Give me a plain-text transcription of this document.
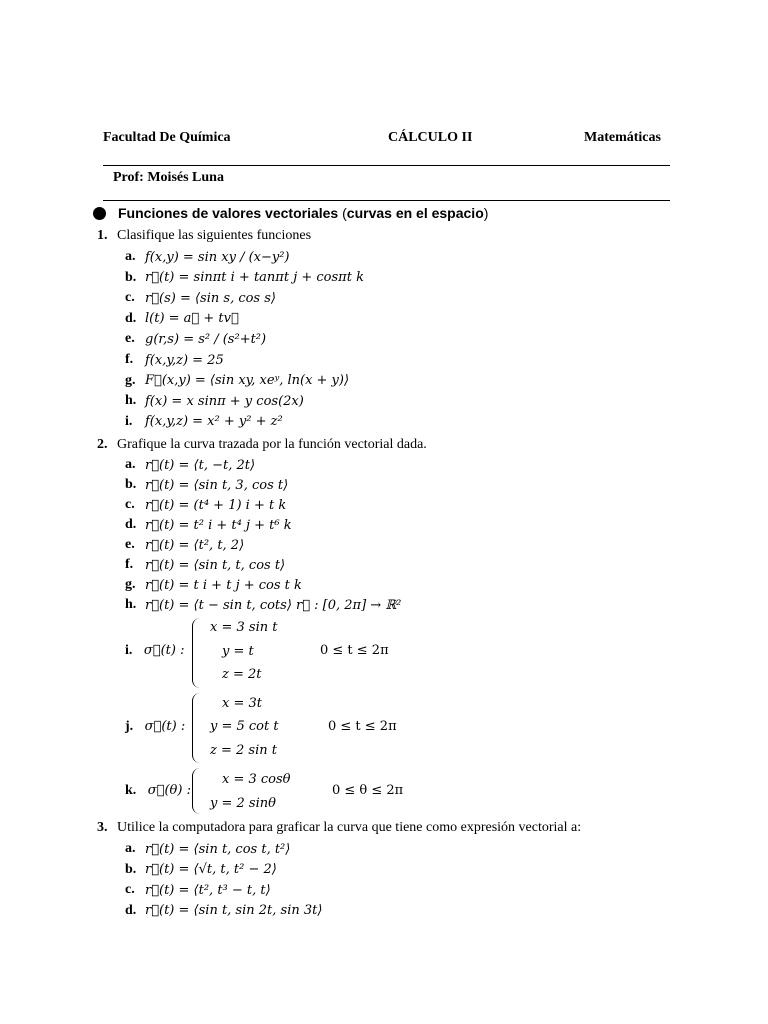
Facultad De Química	CÁLCULO II	Matemáticas
Prof: Moisés Luna
Funciones de valores vectoriales ( curvas en el espacio )
1. Clasifique las siguientes funciones
a. f(x,y) = sin xy / (x−y²)
b. r⃗(t) = sinπt i + tanπt j + cosπt k
c. r⃗(s) = ⟨sin s, cos s⟩
d. l(t) = a⃗ + tv⃗
e. g(r,s) = s² / (s²+t²)
f. f(x,y,z) = 25
g. F⃗(x,y) = ⟨sin xy, xeʸ, ln(x + y)⟩
h. f(x) = x sinπ + y cos(2x)
i. f(x,y,z) = x² + y² + z²
2. Grafique la curva trazada por la función vectorial dada.
a. r⃗(t) = ⟨t, −t, 2t⟩
b. r⃗(t) = ⟨sin t, 3, cos t⟩
c. r⃗(t) = (t⁴ + 1) i + t k
d. r⃗(t) = t² i + t⁴ j + t⁶ k
e. r⃗(t) = ⟨t², t, 2⟩
f. r⃗(t) = ⟨sin t, t, cos t⟩
g. r⃗(t) = t i + t j + cos t k
h. r⃗(t) = ⟨t − sin t, cots⟩ r⃗ : [0, 2π] → ℝ²
i. σ⃗(t) :
x = 3 sin t
y = t
z = 2t
0 ≤ t ≤ 2π
j. σ⃗(t) :
x = 3t
y = 5 cot t
z = 2 sin t
0 ≤ t ≤ 2π
k. σ⃗(θ) :
x = 3 cosθ
y = 2 sinθ
0 ≤ θ ≤ 2π
3. Utilice la computadora para graficar la curva que tiene como expresión vectorial a:
a. r⃗(t) = ⟨sin t, cos t, t²⟩
b. r⃗(t) = ⟨√t, t, t² − 2⟩
c. r⃗(t) = ⟨t², t³ − t, t⟩
d. r⃗(t) = ⟨sin t, sin 2t, sin 3t⟩
